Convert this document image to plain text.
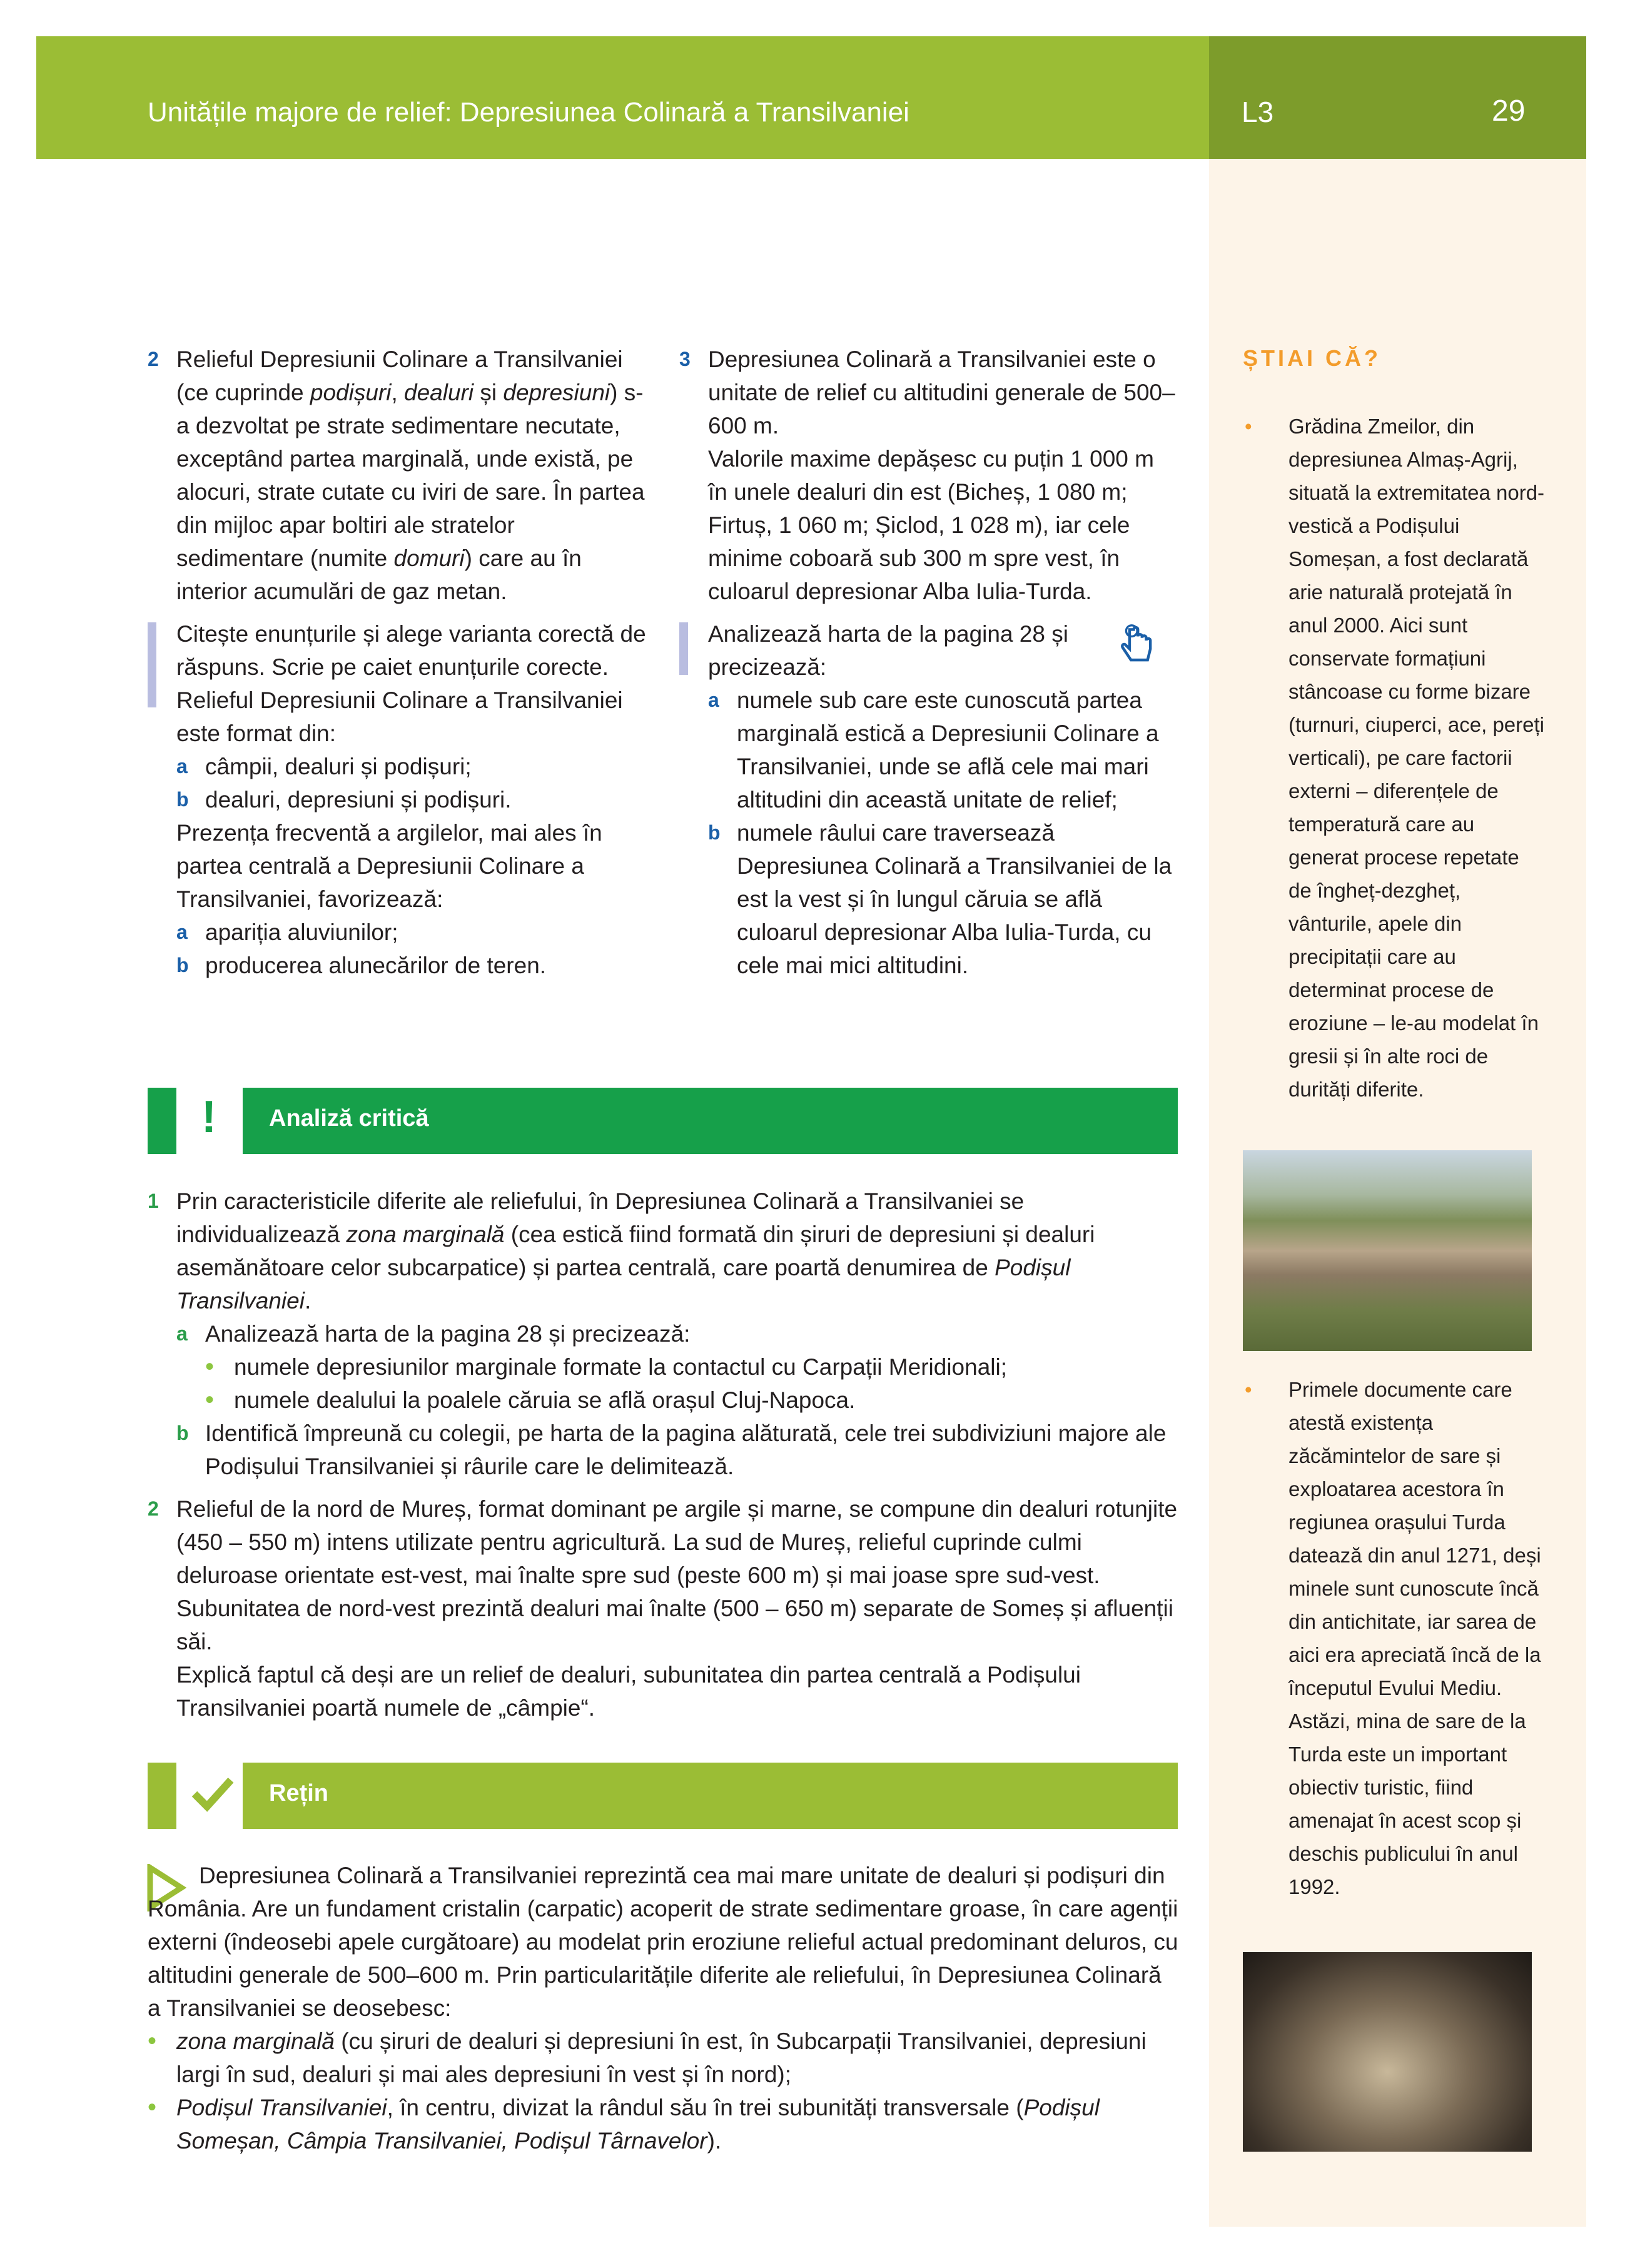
Unitățile majore de relief: Depresiunea Colinară a Transilvaniei	L3	29
2 Relieful Depresiunii Colinare a Transilvaniei (ce cuprinde podișuri, dealuri și depresiuni) s-a dezvoltat pe strate sedimentare necutate, exceptând partea marginală, unde există, pe alocuri, strate cutate cu iviri de sare. În partea din mijloc apar boltiri ale stratelor sedimentare (numite domuri) care au în interior acumulări de gaz metan.
Citește enunțurile și alege varianta corectă de răspuns. Scrie pe caiet enunțurile corecte.
Relieful Depresiunii Colinare a Transilvaniei este format din:
a câmpii, dealuri și podișuri;
b dealuri, depresiuni și podișuri.
Prezența frecventă a argilelor, mai ales în partea centrală a Depresiunii Colinare a Transilvaniei, favorizează:
a apariția aluviunilor;
b producerea alunecărilor de teren.
3 Depresiunea Colinară a Transilvaniei este o unitate de relief cu altitudini generale de 500–600 m.
Valorile maxime depășesc cu puțin 1 000 m în unele dealuri din est (Bicheș, 1 080 m; Firtuș, 1 060 m; Șiclod, 1 028 m), iar cele minime coboară sub 300 m spre vest, în culoarul depresionar Alba Iulia-Turda.
Analizează harta de la pagina 28 și precizează:
a numele sub care este cunoscută partea marginală estică a Depresiunii Colinare a Transilvaniei, unde se află cele mai mari altitudini din această unitate de relief;
b numele râului care traversează Depresiunea Colinară a Transilvaniei de la est la vest și în lungul căruia se află culoarul depresionar Alba Iulia-Turda, cu cele mai mici altitudini.
! Analiză critică
1 Prin caracteristicile diferite ale reliefului, în Depresiunea Colinară a Transilvaniei se individualizează zona marginală (cea estică fiind formată din șiruri de depresiuni și dealuri asemănătoare celor subcarpatice) și partea centrală, care poartă denumirea de Podișul Transilvaniei.
a Analizează harta de la pagina 28 și precizează:
• numele depresiunilor marginale formate la contactul cu Carpații Meridionali;
• numele dealului la poalele căruia se află orașul Cluj-Napoca.
b Identifică împreună cu colegii, pe harta de la pagina alăturată, cele trei subdiviziuni majore ale Podișului Transilvaniei și râurile care le delimitează.
2 Relieful de la nord de Mureș, format dominant pe argile și marne, se compune din dealuri rotunjite (450 – 550 m) intens utilizate pentru agricultură. La sud de Mureș, relieful cuprinde culmi deluroase orientate est-vest, mai înalte spre sud (peste 600 m) și mai joase spre sud-vest. Subunitatea de nord-vest prezintă dealuri mai înalte (500 – 650 m) separate de Someș și afluenții săi.
Explică faptul că deși are un relief de dealuri, subunitatea din partea centrală a Podișului Transilvaniei poartă numele de „câmpie“.
Rețin
Depresiunea Colinară a Transilvaniei reprezintă cea mai mare unitate de dealuri și podișuri din România. Are un fundament cristalin (carpatic) acoperit de strate sedimentare groase, în care agenții externi (îndeosebi apele curgătoare) au modelat prin eroziune relieful actual predominant deluros, cu altitudini generale de 500–600 m. Prin particularitățile diferite ale reliefului, în Depresiunea Colinară a Transilvaniei se deosebesc:
• zona marginală (cu șiruri de dealuri și depresiuni în est, în Subcarpații Transilvaniei, depresiuni largi în sud, dealuri și mai ales depresiuni în vest și în nord);
• Podișul Transilvaniei, în centru, divizat la rândul său în trei subunități transversale (Podișul Someșan, Câmpia Transilvaniei, Podișul Târnavelor).
ȘTIAI CĂ?
• Grădina Zmeilor, din depresiunea Almaș-Agrij, situată la extremitatea nord-vestică a Podișului Someșan, a fost declarată arie naturală protejată în anul 2000. Aici sunt conservate formațiuni stâncoase cu forme bizare (turnuri, ciuperci, ace, pereți verticali), pe care factorii externi – diferențele de temperatură care au generat procese repetate de îngheț-dezgheț, vânturile, apele din precipitații care au determinat procese de eroziune – le-au modelat în gresii și în alte roci de durități diferite.
• Primele documente care atestă existența zăcămintelor de sare și exploatarea acestora în regiunea orașului Turda datează din anul 1271, deși minele sunt cunoscute încă din antichitate, iar sarea de aici era apreciată încă de la începutul Evului Mediu. Astăzi, mina de sare de la Turda este un important obiectiv turistic, fiind amenajat în acest scop și deschis publicului în anul 1992.
